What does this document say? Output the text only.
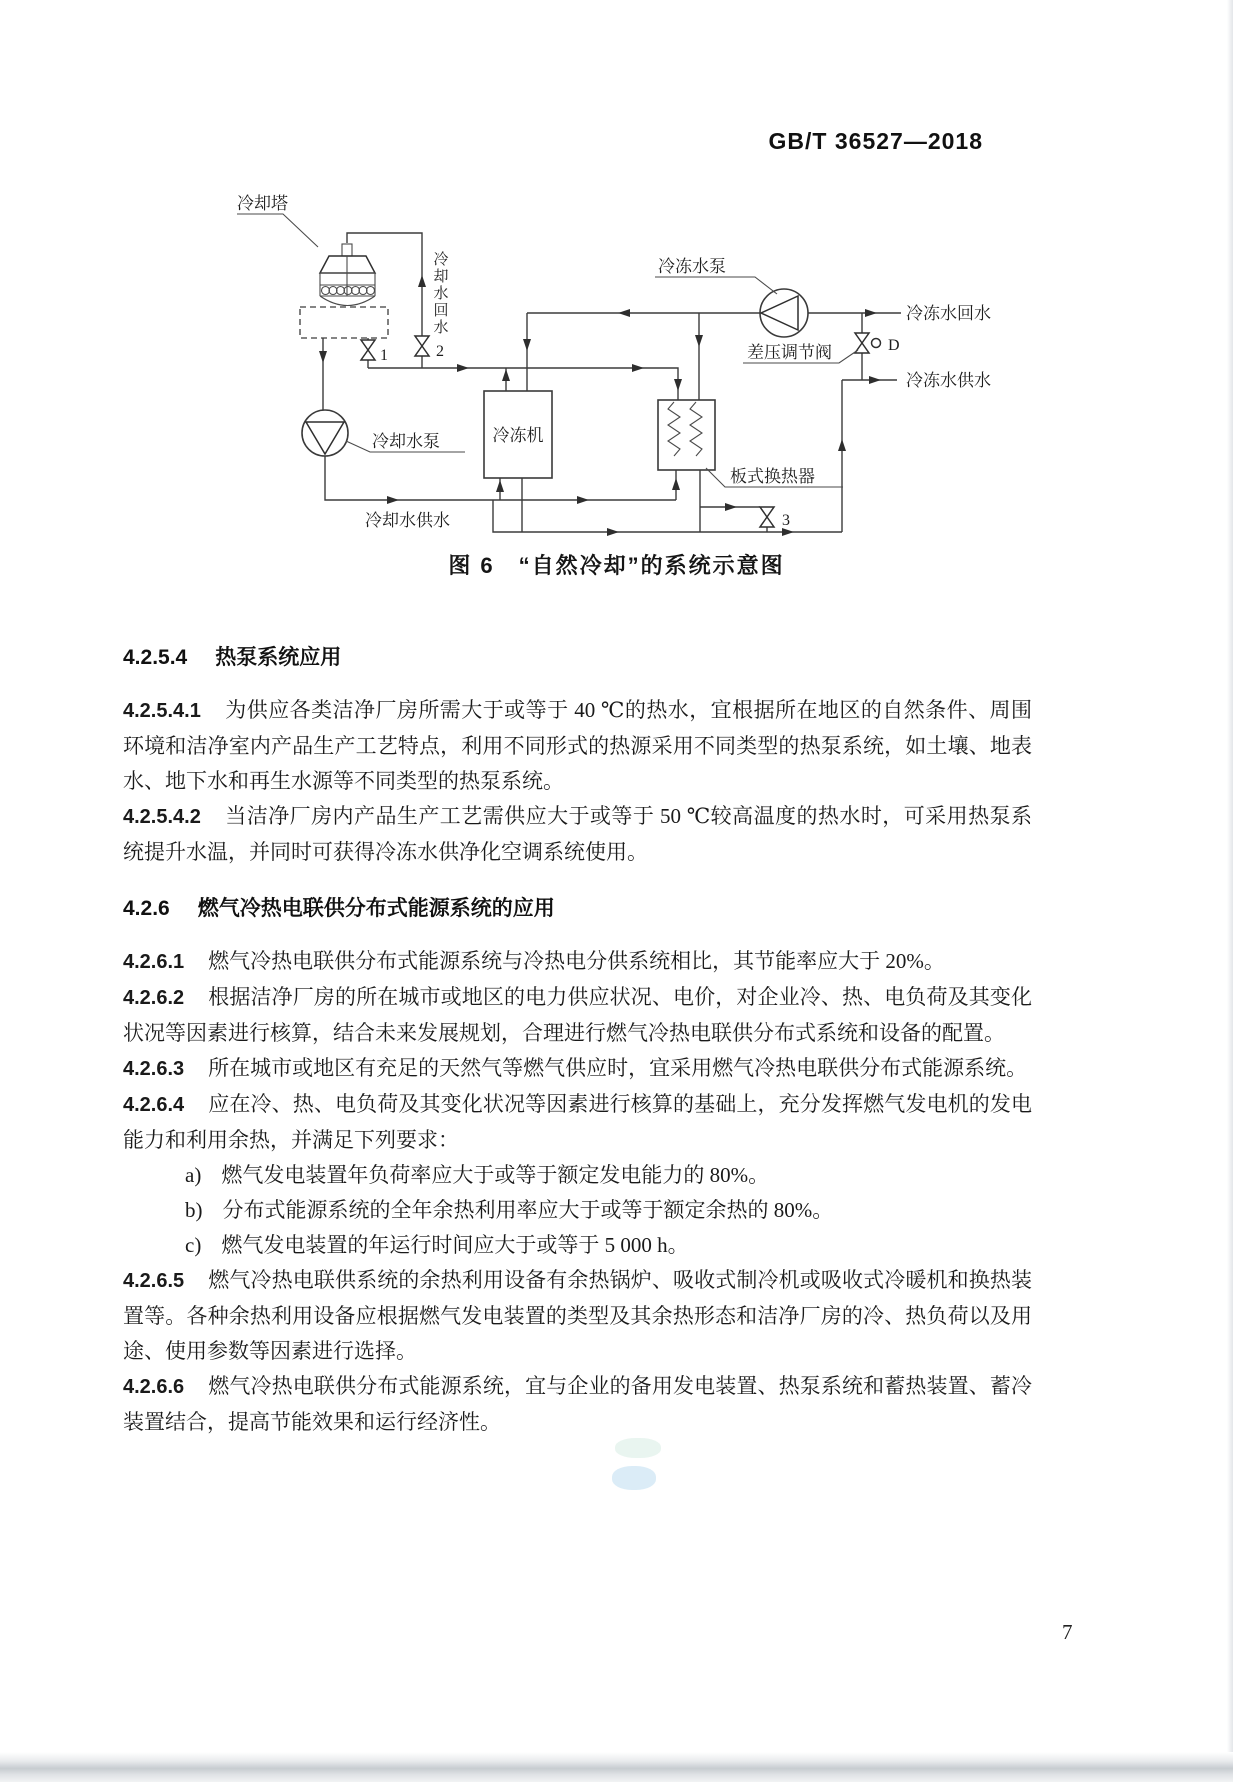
GB/T 36527—2018
冷冻机
冷却塔
冷却水回水
1	2
3
D
冷却水泵
冷却水供水
冷冻水泵
冷冻水回水
差压调节阀
冷冻水供水
板式换热器
图 6　“自然冷却”的系统示意图
4.2.5.4 热泵系统应用

4.2.5.4.1 为供应各类洁净厂房所需大于或等于 40 ℃的热水，宜根据所在地区的自然条件、周围环境和洁净室内产品生产工艺特点，利用不同形式的热源采用不同类型的热泵系统，如土壤、地表水、地下水和再生水源等不同类型的热泵系统。

4.2.5.4.2 当洁净厂房内产品生产工艺需供应大于或等于 50 ℃较高温度的热水时，可采用热泵系统提升水温，并同时可获得冷冻水供净化空调系统使用。

4.2.6 燃气冷热电联供分布式能源系统的应用

4.2.6.1 燃气冷热电联供分布式能源系统与冷热电分供系统相比，其节能率应大于 20%。

4.2.6.2 根据洁净厂房的所在城市或地区的电力供应状况、电价，对企业冷、热、电负荷及其变化状况等因素进行核算，结合未来发展规划，合理进行燃气冷热电联供分布式系统和设备的配置。

4.2.6.3 所在城市或地区有充足的天然气等燃气供应时，宜采用燃气冷热电联供分布式能源系统。

4.2.6.4 应在冷、热、电负荷及其变化状况等因素进行核算的基础上，充分发挥燃气发电机的发电能力和利用余热，并满足下列要求：

a) 燃气发电装置年负荷率应大于或等于额定发电能力的 80%。

b) 分布式能源系统的全年余热利用率应大于或等于额定余热的 80%。

c) 燃气发电装置的年运行时间应大于或等于 5 000 h。

4.2.6.5 燃气冷热电联供系统的余热利用设备有余热锅炉、吸收式制冷机或吸收式冷暖机和换热装置等。各种余热利用设备应根据燃气发电装置的类型及其余热形态和洁净厂房的冷、热负荷以及用途、使用参数等因素进行选择。

4.2.6.6 燃气冷热电联供分布式能源系统，宜与企业的备用发电装置、热泵系统和蓄热装置、蓄冷装置结合，提高节能效果和运行经济性。

7
